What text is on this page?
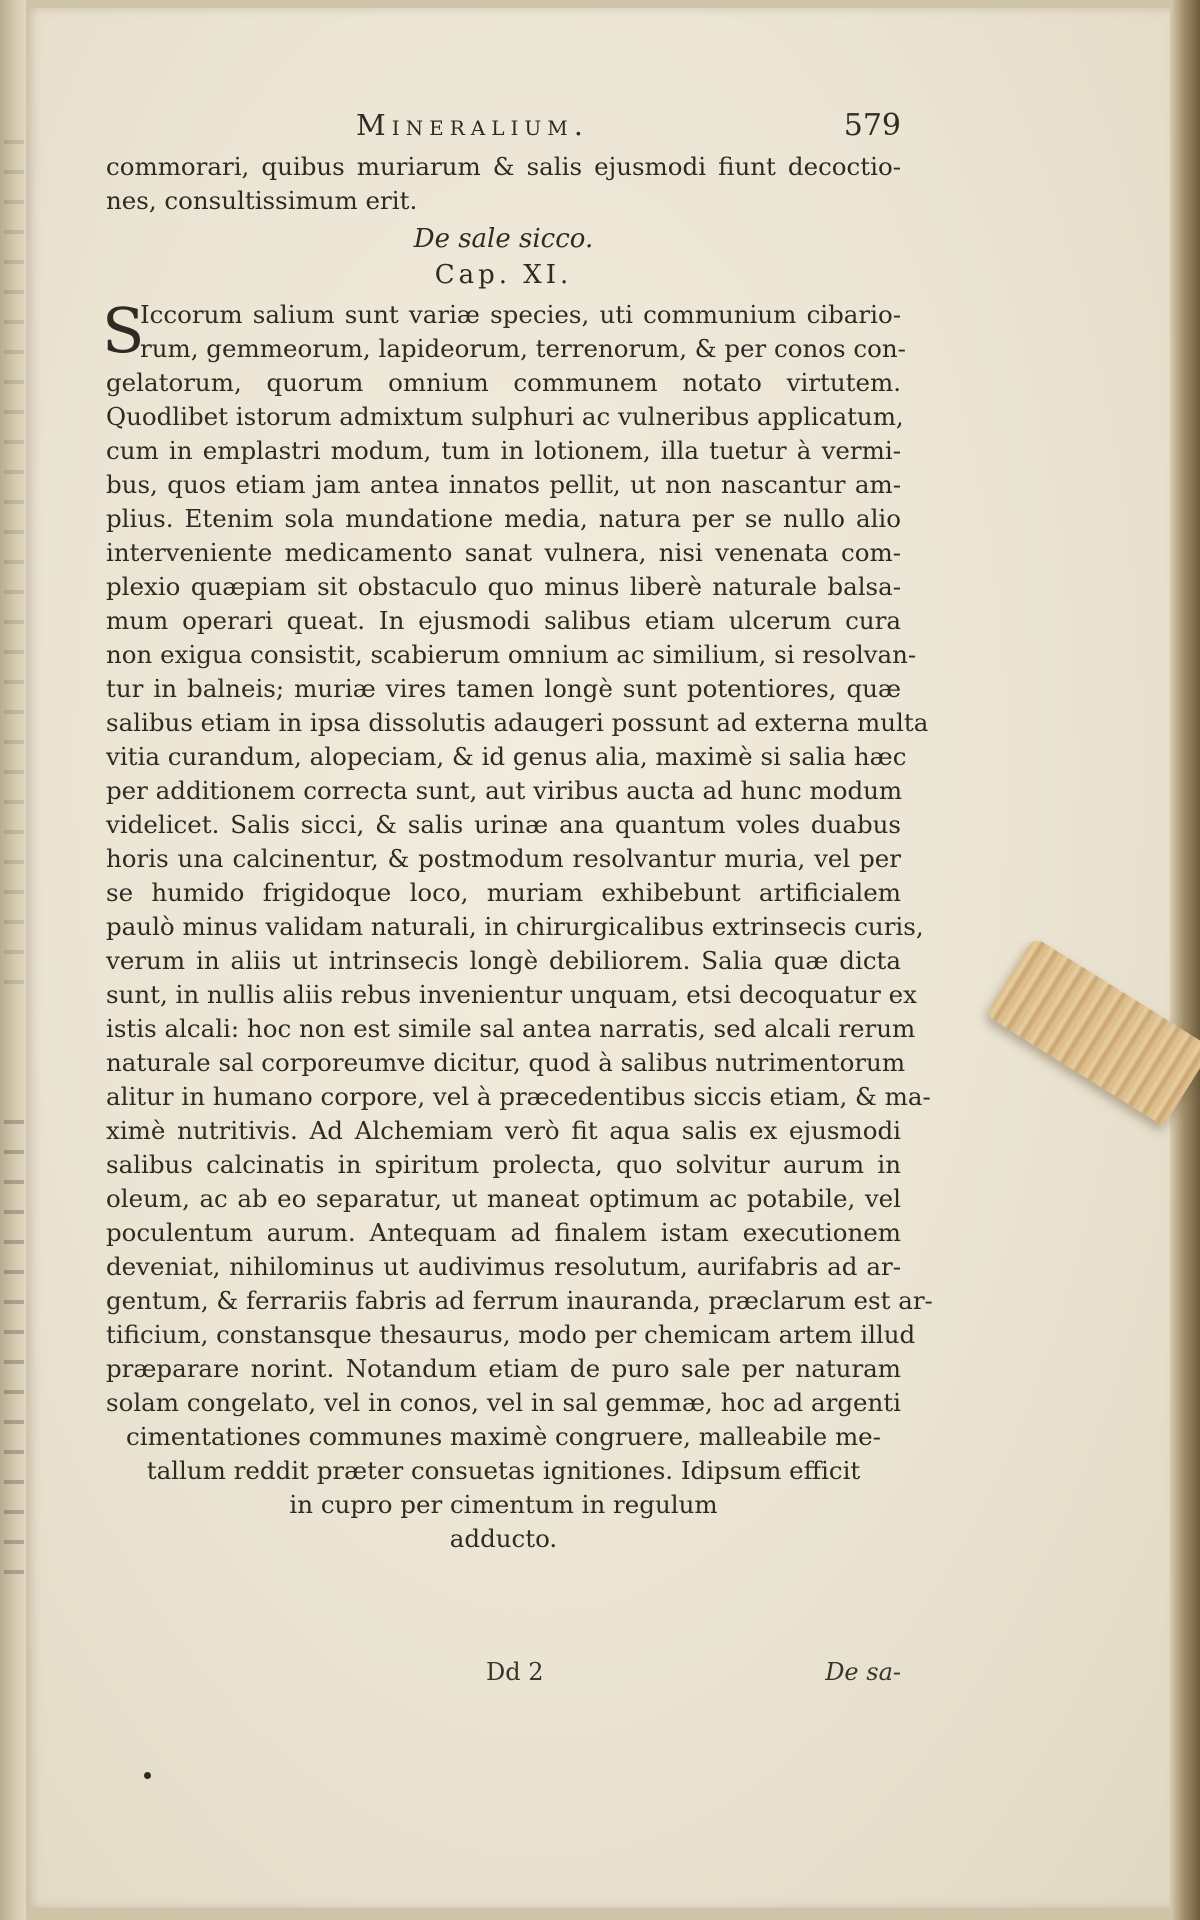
Mineralium.	579
commorari, quibus muriarum & salis ejusmodi fiunt decoctio-
nes, consultissimum erit.
De sale sicco.
Cap. XI.
S
Iccorum salium sunt variæ species, uti communium cibario-
rum, gemmeorum, lapideorum, terrenorum, & per conos con-
gelatorum, quorum omnium communem notato virtutem.
Quodlibet istorum admixtum sulphuri ac vulneribus applicatum,
cum in emplastri modum, tum in lotionem, illa tuetur à vermi-
bus, quos etiam jam antea innatos pellit, ut non nascantur am-
plius. Etenim sola mundatione media, natura per se nullo alio
interveniente medicamento sanat vulnera, nisi venenata com-
plexio quæpiam sit obstaculo quo minus liberè naturale balsa-
mum operari queat. In ejusmodi salibus etiam ulcerum cura
non exigua consistit, scabierum omnium ac similium, si resolvan-
tur in balneis; muriæ vires tamen longè sunt potentiores, quæ
salibus etiam in ipsa dissolutis adaugeri possunt ad externa multa
vitia curandum, alopeciam, & id genus alia, maximè si salia hæc
per additionem correcta sunt, aut viribus aucta ad hunc modum
videlicet. Salis sicci, & salis urinæ ana quantum voles duabus
horis una calcinentur, & postmodum resolvantur muria, vel per
se humido frigidoque loco, muriam exhibebunt artificialem
paulò minus validam naturali, in chirurgicalibus extrinsecis curis,
verum in aliis ut intrinsecis longè debiliorem. Salia quæ dicta
sunt, in nullis aliis rebus invenientur unquam, etsi decoquatur ex
istis alcali: hoc non est simile sal antea narratis, sed alcali rerum
naturale sal corporeumve dicitur, quod à salibus nutrimentorum
alitur in humano corpore, vel à præcedentibus siccis etiam, & ma-
ximè nutritivis. Ad Alchemiam verò fit aqua salis ex ejusmodi
salibus calcinatis in spiritum prolecta, quo solvitur aurum in
oleum, ac ab eo separatur, ut maneat optimum ac potabile, vel
poculentum aurum. Antequam ad finalem istam executionem
deveniat, nihilominus ut audivimus resolutum, aurifabris ad ar-
gentum, & ferrariis fabris ad ferrum inauranda, præclarum est ar-
tificium, constansque thesaurus, modo per chemicam artem illud
præparare norint. Notandum etiam de puro sale per naturam
solam congelato, vel in conos, vel in sal gemmæ, hoc ad argenti
cimentationes communes maximè congruere, malleabile me-
tallum reddit præter consuetas ignitiones. Idipsum efficit
in cupro per cimentum in regulum
adducto.
Dd 2	De sa-
